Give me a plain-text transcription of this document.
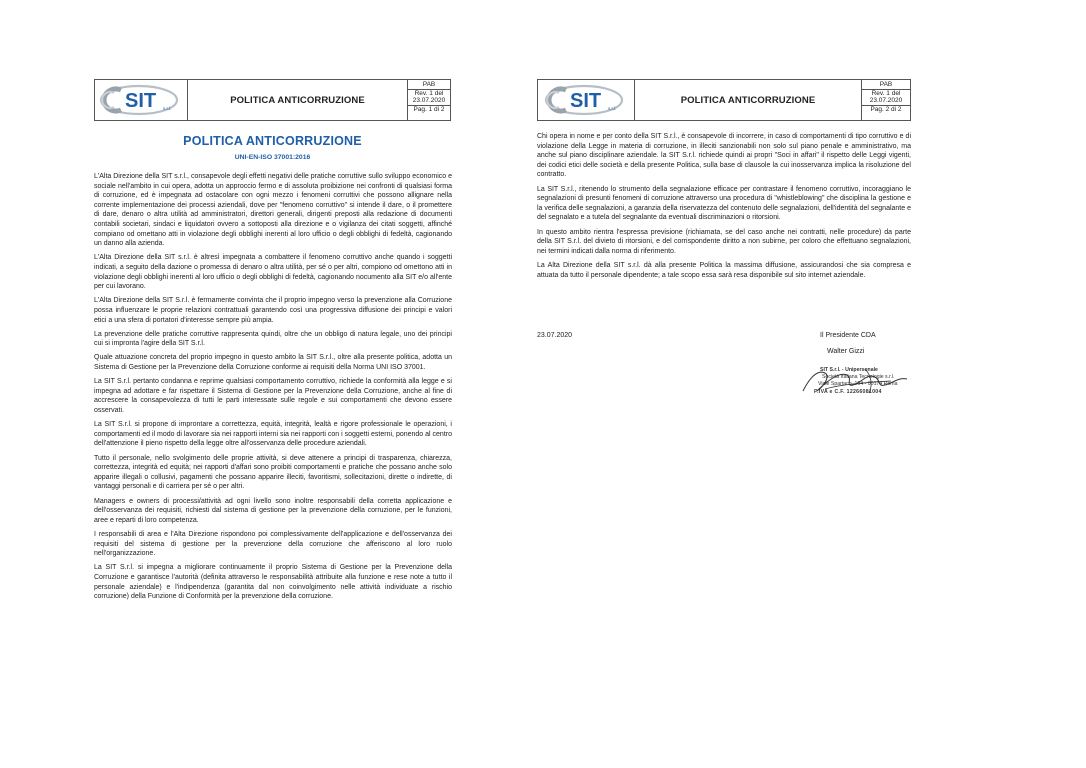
SIT s.r.l.
POLITICA ANTICORRUZIONE
PAB
Rev. 1 del 23.07.2020
Pag. 1 di 2
POLITICA ANTICORRUZIONE
UNI-EN-ISO 37001:2016

L'Alta Direzione della SIT s.r.l., consapevole degli effetti negativi delle pratiche corruttive sullo sviluppo economico e sociale nell'ambito in cui opera, adotta un approccio fermo e di assoluta proibizione nei confronti di qualsiasi forma di corruzione, ed è impegnata ad ostacolare con ogni mezzo i fenomeni corruttivi che possono allignare nella corrente implementazione dei processi aziendali, dove per "fenomeno corruttivo" si intende il dare, o il promettere di dare, denaro o altra utilità ad amministratori, direttori generali, dirigenti preposti alla redazione di documenti contabili societari, sindaci e liquidatori ovvero a sottoposti alla direzione e o vigilanza dei citati soggetti, affinché compiano od omettano atti in violazione degli obblighi inerenti al loro ufficio o degli obblighi di fedeltà, cagionando un danno alla azienda.

L'Alta Direzione della SIT s.r.l. è altresì impegnata a combattere il fenomeno corruttivo anche quando i soggetti indicati, a seguito della dazione o promessa di denaro o altra utilità, per sé o per altri, compiono od omettono atti in violazione degli obblighi inerenti al loro ufficio o degli obblighi di fedeltà, cagionando nocumento alla SIT e/o all'ente per cui lavorano.

L'Alta Direzione della SIT S.r.l. è fermamente convinta che il proprio impegno verso la prevenzione alla Corruzione possa influenzare le proprie relazioni contrattuali garantendo così una progressiva diffusione dei principi e valori etici a una sfera di portatori d'interesse sempre più ampia.

La prevenzione delle pratiche corruttive rappresenta quindi, oltre che un obbligo di natura legale, uno dei principi cui si impronta l'agire della SIT S.r.l.

Quale attuazione concreta del proprio impegno in questo ambito la SIT S.r.l., oltre alla presente politica, adotta un Sistema di Gestione per la Prevenzione della Corruzione conforme ai requisiti della Norma UNI ISO 37001.

La SIT S.r.l. pertanto condanna e reprime qualsiasi comportamento corruttivo, richiede la conformità alla legge e si impegna ad adottare e far rispettare il Sistema di Gestione per la Prevenzione della Corruzione, anche al fine di accrescere la consapevolezza di tutti le parti interessate sulle regole e sui comportamenti che devono essere osservati.

La SIT S.r.l. si propone di improntare a correttezza, equità, integrità, lealtà e rigore professionale le operazioni, i comportamenti ed il modo di lavorare sia nei rapporti interni sia nei rapporti con i soggetti esterni, ponendo al centro dell'attenzione il pieno rispetto della legge oltre all'osservanza delle procedure aziendali.

Tutto il personale, nello svolgimento delle proprie attività, si deve attenere a principi di trasparenza, chiarezza, correttezza, integrità ed equità; nei rapporti d'affari sono proibiti comportamenti e pratiche che possano anche solo apparire illegali o collusivi, pagamenti che possano apparire illeciti, favoritismi, sollecitazioni, dirette o indirette, di vantaggi personali e di carriera per sé o per altri.

Managers e owners di processi/attività ad ogni livello sono inoltre responsabili della corretta applicazione e dell'osservanza dei requisiti, richiesti dal sistema di gestione per la prevenzione della corruzione, per le funzioni, aree e reparti di loro competenza.

I responsabili di area e l'Alta Direzione rispondono poi complessivamente dell'applicazione e dell'osservanza dei requisiti del sistema di gestione per la prevenzione della corruzione che afferiscono al loro ruolo nell'organizzazione.

La SIT S.r.l. si impegna a migliorare continuamente il proprio Sistema di Gestione per la Prevenzione della Corruzione e garantisce l'autorità (definita attraverso le responsabilità attribuite alla funzione e rese note a tutto il personale aziendale) e l'indipendenza (garantita dal non coinvolgimento nelle attività individuate a rischio corruzione) della Funzione di Conformità per la prevenzione della corruzione.

SIT s.r.l.
POLITICA ANTICORRUZIONE
PAB
Rev. 1 del 23.07.2020
Pag. 2 di 2

Chi opera in nome e per conto della SIT S.r.l., è consapevole di incorrere, in caso di comportamenti di tipo corruttivo e di violazione della Legge in materia di corruzione, in illeciti sanzionabili non solo sul piano penale e amministrativo, ma anche sul piano disciplinare aziendale. la SIT S.r.l. richiede quindi ai propri "Soci in affari" il rispetto delle Leggi vigenti, dei codici etici delle società e della presente Politica, sulla base di clausole la cui inosservanza implica la risoluzione del contratto.

La SIT S.r.l., ritenendo lo strumento della segnalazione efficace per contrastare il fenomeno corruttivo, incoraggiano le segnalazioni di presunti fenomeni di corruzione attraverso una procedura di "whistleblowing" che disciplina la gestione e la verifica delle segnalazioni, a garanzia della riservatezza del contenuto delle segnalazioni, dell'identità del segnalante e del segnalato e a tutela del segnalante da eventuali discriminazioni o ritorsioni.

In questo ambito rientra l'espressa previsione (richiamata, se del caso anche nei contratti, nelle procedure) da parte della SIT S.r.l. del divieto di ritorsioni, e del corrispondente diritto a non subirne, per coloro che effettuano segnalazioni, nei termini indicati dalla norma di riferimento.

La Alta Direzione della SIT s.r.l. dà alla presente Politica la massima diffusione, assicurandosi che sia compresa e attuata da tutto il personale dipendente; a tale scopo essa sarà resa disponibile sul sito internet aziendale.

23.07.2020	Il Presidente CDA
Walter Gizzi
SIT S.r.l. - Unipersonale
Società Italiana Tecnologie s.r.l.
Viale Spartaco, 104 - 00174 Roma
P.IVA e C.F. 12266081004
